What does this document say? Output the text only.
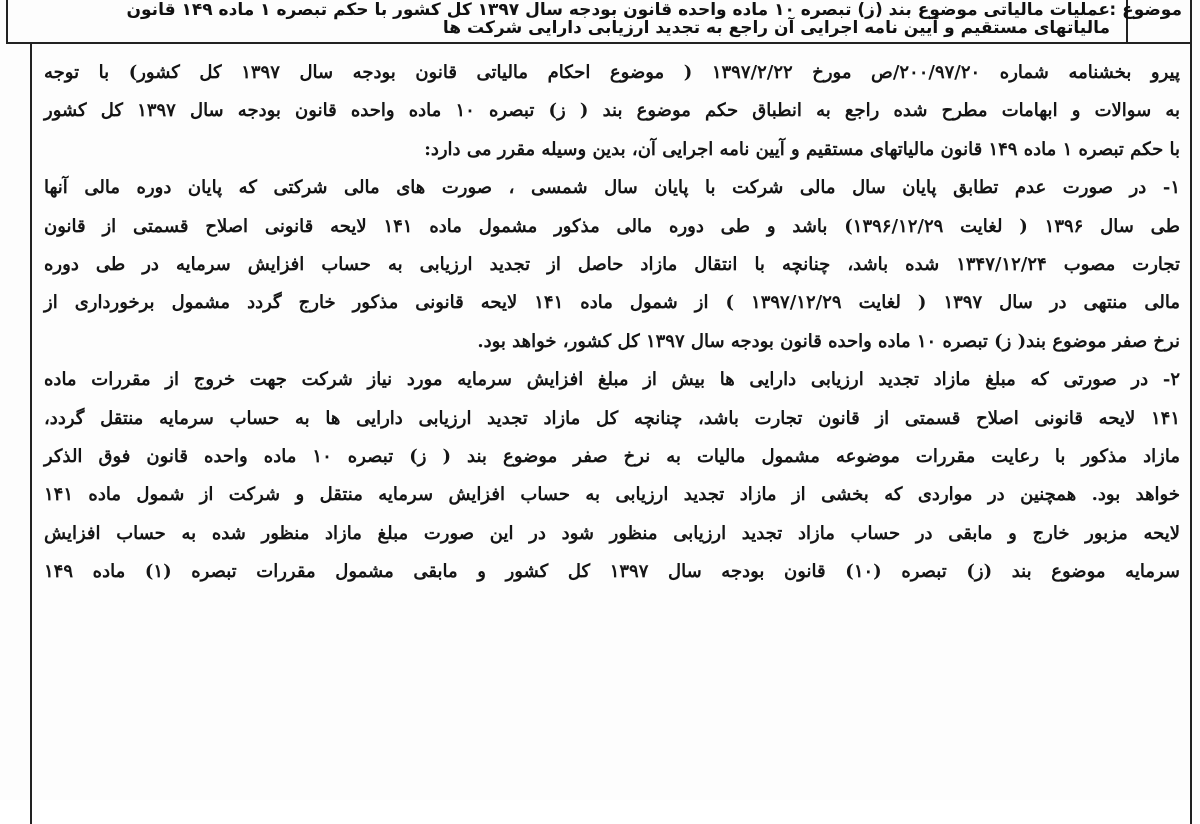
موضوع :
عملیات مالیاتی موضوع بند (ز) تبصره ۱۰ ماده واحده قانون بودجه سال ۱۳۹۷ کل کشور با حکم تبصره ۱ ماده ۱۴۹ قانون
مالیاتهای مستقیم و آیین نامه اجرایی آن راجع به تجدید ارزیابی دارایی شرکت ها
پیرو بخشنامه شماره ۲۰۰/۹۷/۲۰/ص مورخ ۱۳۹۷/۲/۲۲ ( موضوع احکام مالیاتی قانون بودجه سال ۱۳۹۷ کل کشور) با توجه
به سوالات و ابهامات مطرح شده راجع به انطباق حکم موضوع بند ( ز) تبصره ۱۰ ماده واحده قانون بودجه سال ۱۳۹۷ کل کشور
با حکم تبصره ۱ ماده ۱۴۹ قانون مالیاتهای مستقیم و آیین نامه اجرایی آن، بدین وسیله مقرر می دارد:
۱- در صورت عدم تطابق پایان سال مالی شرکت با پایان سال شمسی ، صورت های مالی شرکتی که پایان دوره مالی آنها
طی سال ۱۳۹۶ ( لغایت ۱۳۹۶/۱۲/۲۹) باشد و طی دوره مالی مذکور مشمول ماده ۱۴۱ لایحه قانونی اصلاح قسمتی از قانون
تجارت مصوب ۱۳۴۷/۱۲/۲۴ شده باشد، چنانچه با انتقال مازاد حاصل از تجدید ارزیابی به حساب افزایش سرمایه در طی دوره
مالی منتهی در سال ۱۳۹۷ ( لغایت ۱۳۹۷/۱۲/۲۹ ) از شمول ماده ۱۴۱ لایحه قانونی مذکور خارج گردد مشمول برخورداری از
نرخ صفر موضوع بند( ز) تبصره ۱۰ ماده واحده قانون بودجه سال ۱۳۹۷ کل کشور، خواهد بود.
۲- در صورتی که مبلغ مازاد تجدید ارزیابی دارایی ها بیش از مبلغ افزایش سرمایه مورد نیاز شرکت جهت خروج از مقررات ماده
۱۴۱ لایحه قانونی اصلاح قسمتی از قانون تجارت باشد، چنانچه کل مازاد تجدید ارزیابی دارایی ها به حساب سرمایه منتقل گردد،
مازاد مذکور با رعایت مقررات موضوعه مشمول مالیات به نرخ صفر موضوع بند ( ز) تبصره ۱۰ ماده واحده قانون فوق الذکر
خواهد بود. همچنین در مواردی که بخشی از مازاد تجدید ارزیابی به حساب افزایش سرمایه منتقل و شرکت از شمول ماده ۱۴۱
لایحه مزبور خارج و مابقی در حساب مازاد تجدید ارزیابی منظور شود در این صورت مبلغ مازاد منظور شده به حساب افزایش
سرمایه موضوع بند (ز) تبصره (۱۰) قانون بودجه سال ۱۳۹۷ کل کشور و مابقی مشمول مقررات تبصره (۱) ماده ۱۴۹
